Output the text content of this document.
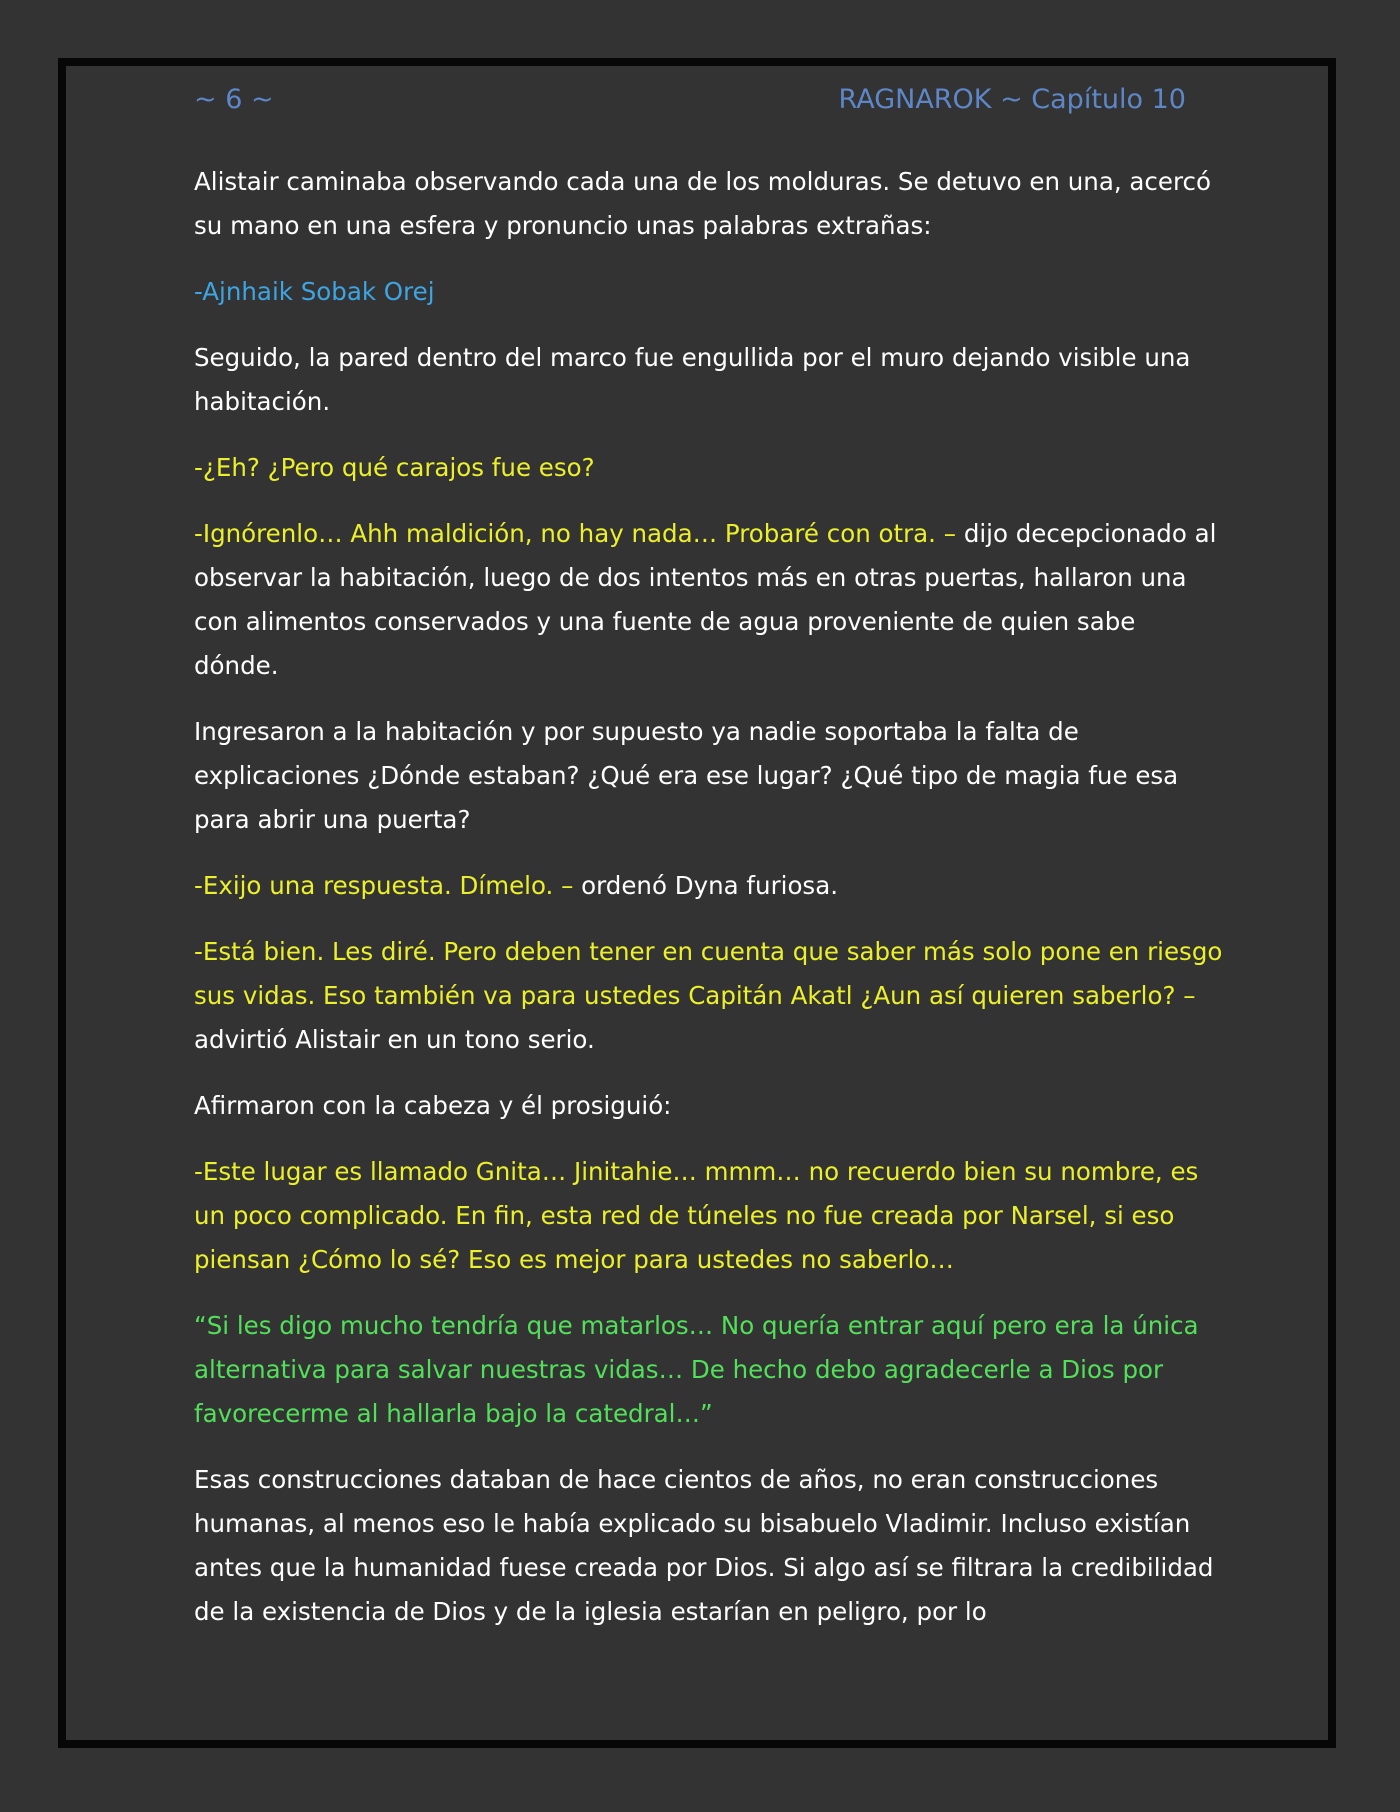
~ 6 ~	RAGNAROK ~ Capítulo 10

Alistair caminaba observando cada una de los molduras. Se detuvo en una, acercó su mano en una esfera y pronuncio unas palabras extrañas:

-Ajnhaik Sobak Orej

Seguido, la pared dentro del marco fue engullida por el muro dejando visible una habitación.

-¿Eh? ¿Pero qué carajos fue eso?

-Ignórenlo… Ahh maldición, no hay nada… Probaré con otra. – dijo decepcionado al observar la habitación, luego de dos intentos más en otras puertas, hallaron una con alimentos conservados y una fuente de agua proveniente de quien sabe dónde.

Ingresaron a la habitación y por supuesto ya nadie soportaba la falta de explicaciones ¿Dónde estaban? ¿Qué era ese lugar? ¿Qué tipo de magia fue esa para abrir una puerta?

-Exijo una respuesta. Dímelo. – ordenó Dyna furiosa.

-Está bien. Les diré. Pero deben tener en cuenta que saber más solo pone en riesgo sus vidas. Eso también va para ustedes Capitán Akatl ¿Aun así quieren saberlo? – advirtió Alistair en un tono serio.

Afirmaron con la cabeza y él prosiguió:

-Este lugar es llamado Gnita… Jinitahie… mmm… no recuerdo bien su nombre, es un poco complicado. En fin, esta red de túneles no fue creada por Narsel, si eso piensan ¿Cómo lo sé? Eso es mejor para ustedes no saberlo…

“Si les digo mucho tendría que matarlos… No quería entrar aquí pero era la única alternativa para salvar nuestras vidas… De hecho debo agradecerle a Dios por favorecerme al hallarla bajo la catedral…”

Esas construcciones databan de hace cientos de años, no eran construcciones humanas, al menos eso le había explicado su bisabuelo Vladimir. Incluso existían antes que la humanidad fuese creada por Dios. Si algo así se filtrara la credibilidad de la existencia de Dios y de la iglesia estarían en peligro, por lo
